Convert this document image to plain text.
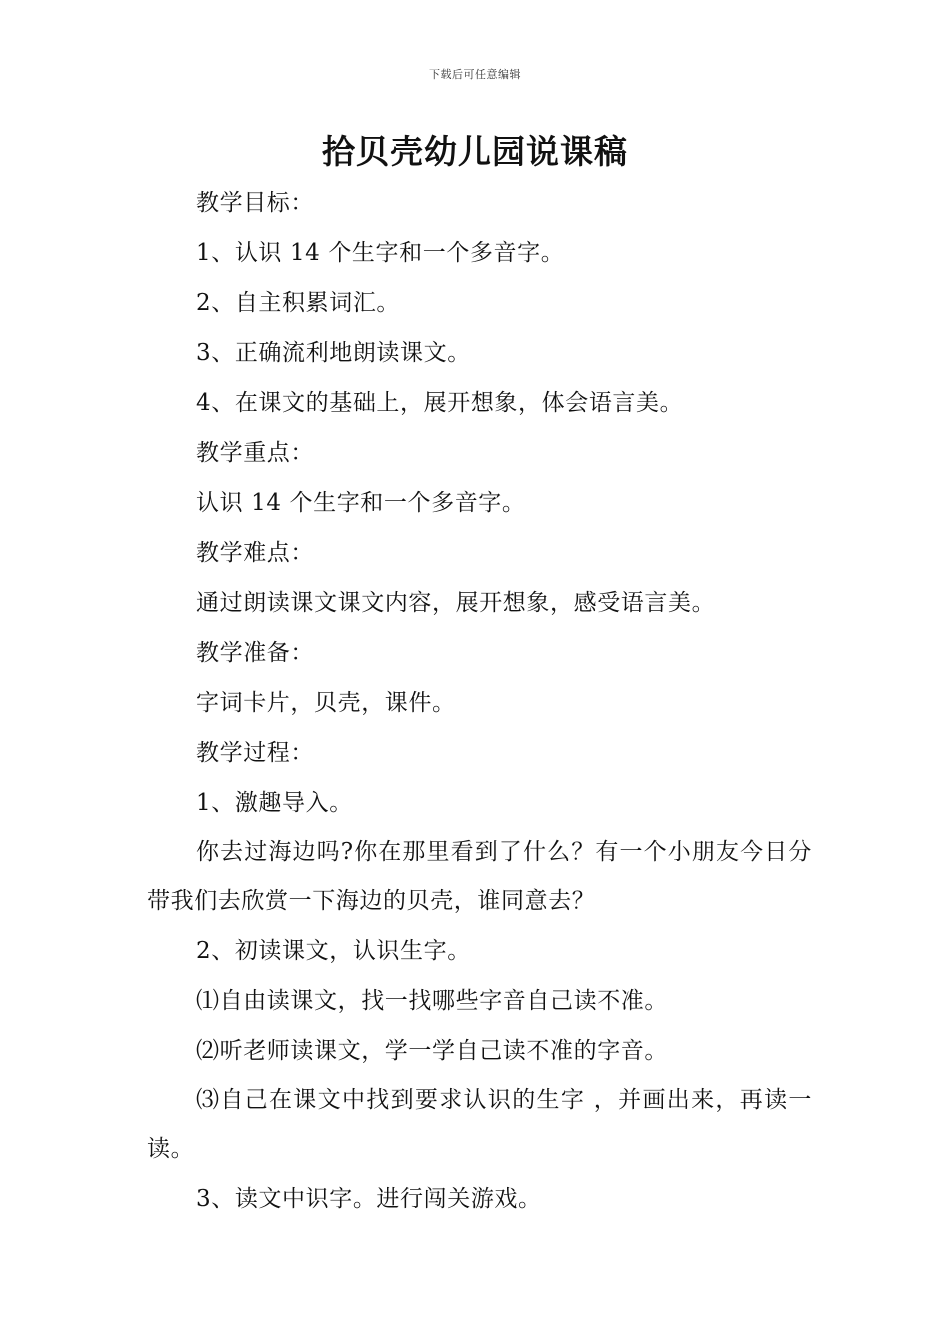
下载后可任意编辑
拾贝壳幼儿园说课稿

教学目标：

1、认识 14 个生字和一个多音字。

2、自主积累词汇。

3、正确流利地朗读课文。

4、在课文的基础上，展开想象，体会语言美。

教学重点：

认识 14 个生字和一个多音字。

教学难点：

通过朗读课文课文内容，展开想象，感受语言美。

教学准备：

字词卡片，贝壳，课件。

教学过程：

1、激趣导入。

你去过海边吗?你在那里看到了什么？有一个小朋友今日分带我们去欣赏一下海边的贝壳，谁同意去？

2、初读课文，认识生字。

⑴自由读课文，找一找哪些字音自己读不准。

⑵听老师读课文，学一学自己读不准的字音。

⑶自己在课文中找到要求认识的生字 ，并画出来，再读一读。

3、读文中识字。进行闯关游戏。
